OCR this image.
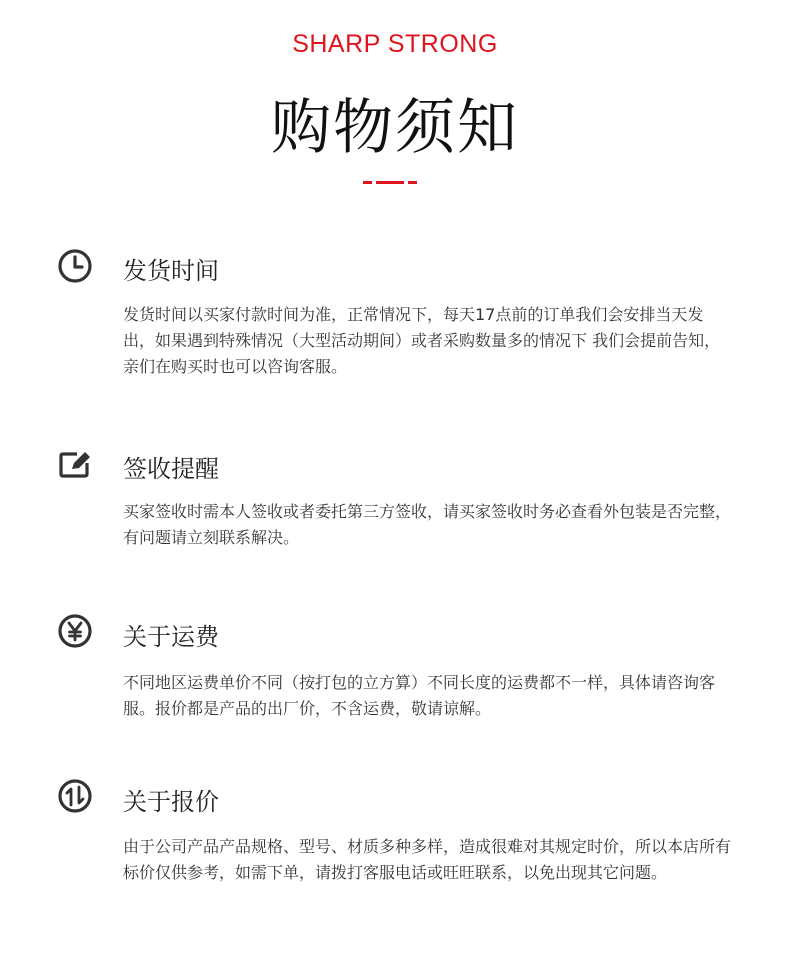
SHARP STRONG
购物须知
发货时间

发货时间以买家付款时间为准，正常情况下，每天17点前的订单我们会安排当天发出，如果遇到特殊情况（大型活动期间）或者采购数量多的情况下 我们会提前告知，亲们在购买时也可以咨询客服。

签收提醒

买家签收时需本人签收或者委托第三方签收，请买家签收时务必查看外包装是否完整，有问题请立刻联系解决。

关于运费

不同地区运费单价不同（按打包的立方算）不同长度的运费都不一样，具体请咨询客服。报价都是产品的出厂价，不含运费，敬请谅解。

关于报价

由于公司产品产品规格、型号、材质多种多样，造成很难对其规定时价，所以本店所有标价仅供参考，如需下单，请拨打客服电话或旺旺联系，以免出现其它问题。
